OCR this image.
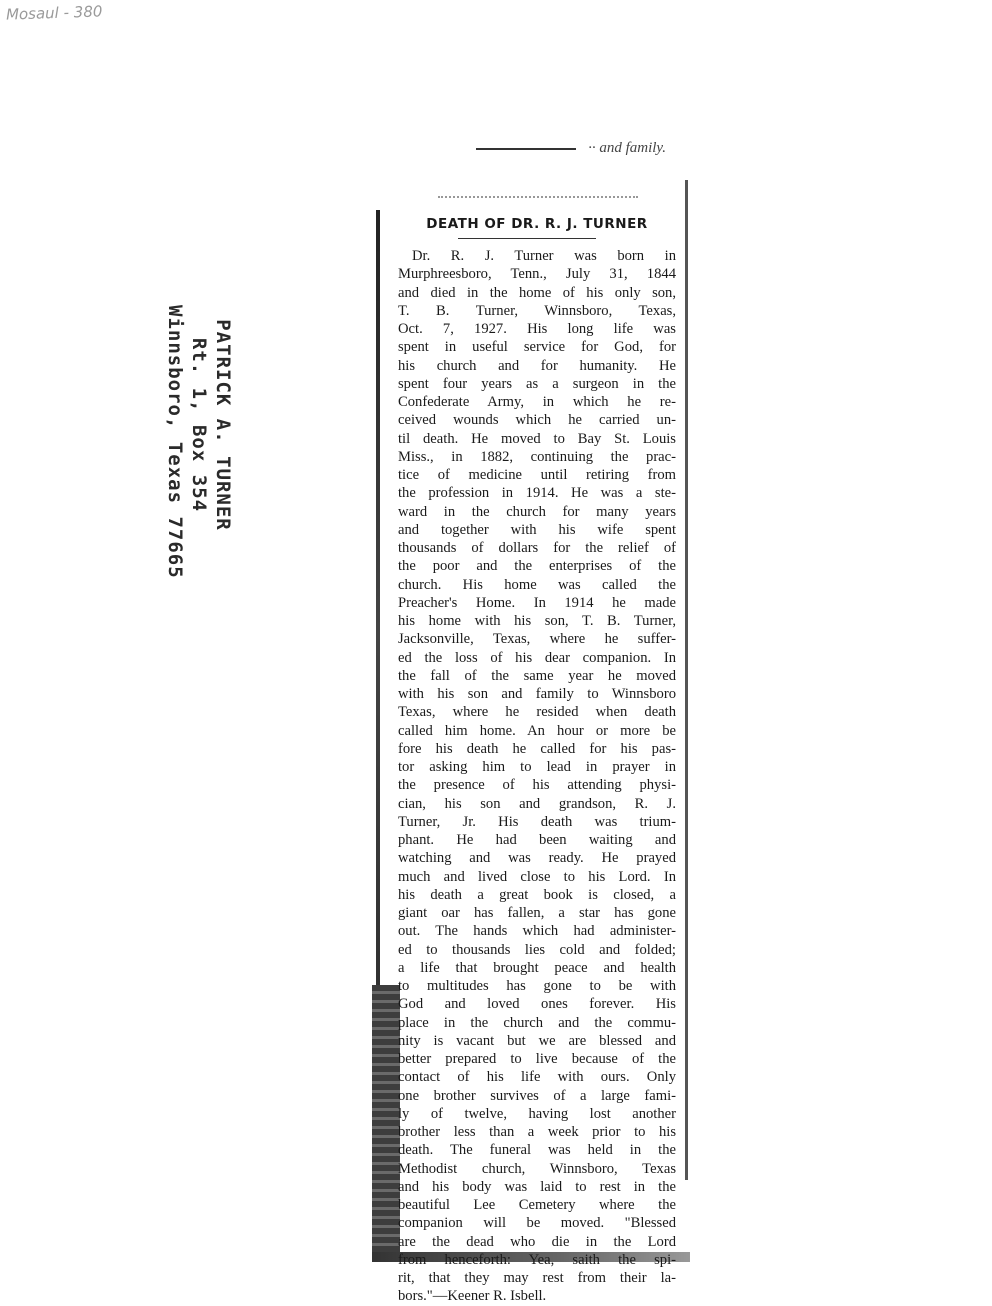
Mosaul - 380
PATRICK A. TURNER
Rt. 1, Box 354
Winnsboro, Texas 77665
·· and family.
DEATH OF DR. R. J. TURNER
Dr. R. J. Turner was born in
Murphreesboro, Tenn., July 31, 1844
and died in the home of his only son,
T. B. Turner, Winnsboro, Texas,
Oct. 7, 1927. His long life was
spent in useful service for God, for
his church and for humanity. He
spent four years as a surgeon in the
Confederate Army, in which he re-
ceived wounds which he carried un-
til death. He moved to Bay St. Louis
Miss., in 1882, continuing the prac-
tice of medicine until retiring from
the profession in 1914. He was a ste-
ward in the church for many years
and together with his wife spent
thousands of dollars for the relief of
the poor and the enterprises of the
church. His home was called the
Preacher's Home. In 1914 he made
his home with his son, T. B. Turner,
Jacksonville, Texas, where he suffer-
ed the loss of his dear companion. In
the fall of the same year he moved
with his son and family to Winnsboro
Texas, where he resided when death
called him home. An hour or more be
fore his death he called for his pas-
tor asking him to lead in prayer in
the presence of his attending physi-
cian, his son and grandson, R. J.
Turner, Jr. His death was trium-
phant. He had been waiting and
watching and was ready. He prayed
much and lived close to his Lord. In
his death a great book is closed, a
giant oar has fallen, a star has gone
out. The hands which had administer-
ed to thousands lies cold and folded;
a life that brought peace and health
to multitudes has gone to be with
God and loved ones forever. His
place in the church and the commu-
nity is vacant but we are blessed and
better prepared to live because of the
contact of his life with ours. Only
one brother survives of a large fami-
ly of twelve, having lost another
brother less than a week prior to his
death. The funeral was held in the
Methodist church, Winnsboro, Texas
and his body was laid to rest in the
beautiful Lee Cemetery where the
companion will be moved. "Blessed
are the dead who die in the Lord
from henceforth: Yea, saith the spi-
rit, that they may rest from their la-
bors."—Keener R. Isbell.
